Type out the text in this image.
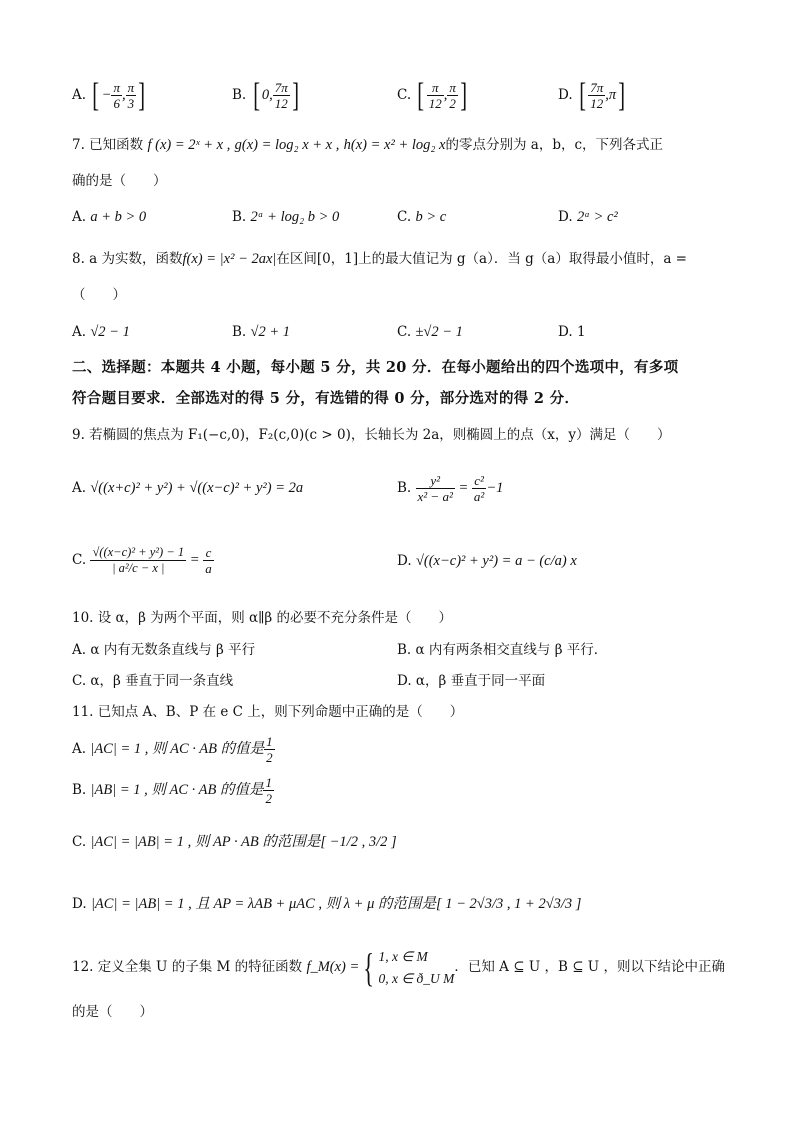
A. [ − $\frac{\pi}{6}$ , $\frac{\pi}{3}$ ]	B. [ 0, $\frac{7\pi}{12}$ ]	C. [ $\frac{\pi}{12}$ , $\frac{\pi}{2}$ ]	D. [ $\frac{7\pi}{12} ,\pi$]
7. 已知函数 f (x) = 2ˣ + x , g(x) = log₂ x + x , h(x) = x² + log₂ x的零点分别为 a，b，c，下列各式正
确的是（　　）
A. a + b > 0	B. 2ᵃ + log₂ b > 0	C. b > c	D. 2ᵃ > c²
8. a 为实数，函数f(x) = |x² − 2ax|在区间[0，1]上的最大值记为 g（a）．当 g（a）取得最小值时，a =
（　　）
A. √2 − 1	B. √2 + 1	C. ±√2 − 1	D. 1
二、选择题：本题共 4 小题，每小题 5 分，共 20 分．在每小题给出的四个选项中，有多项
符合题目要求．全部选对的得 5 分，有选错的得 0 分，部分选对的得 2 分．
9. 若椭圆的焦点为 F₁(−c,0)，F₂(c,0)(c > 0)，长轴长为 2a，则椭圆上的点（x，y）满足（　　）
A. √((x+c)² + y²) + √((x−c)² + y²) = 2a	B. $\frac{\text{y²}}{\text{x² − a²}} = \frac{\text{c²}}{\text{a²}} -1$
C. $\frac{\text{√((x−c)² + y²) − 1}}{\text{| a²/c − x |}} = \frac{c}{a}$	D. √((x−c)² + y²) = a − (c/a) x
10. 设 α，β 为两个平面，则 α∥β 的必要不充分条件是（　　）
A. α 内有无数条直线与 β 平行	B. α 内有两条相交直线与 β 平行．
C. α，β 垂直于同一条直线	D. α，β 垂直于同一平面
11. 已知点 A、B、P 在 e C 上，则下列命题中正确的是（　　）
A. |AC| = 1 , 则 AC · AB 的值是 $\frac{1}{2}$
B. |AB| = 1 , 则 AC · AB 的值是 $\frac{1}{2}$
C. |AC| = |AB| = 1 , 则 AP · AB 的范围是[ −1/2 , 3/2 ]
D. |AC| = |AB| = 1 , 且 AP = λAB + μAC , 则 λ + μ 的范围是[ 1 − 2√3/3 , 1 + 2√3/3 ]
12. 定义全集 U 的子集 M 的特征函数 f_M(x) = { 1, x ∈ M
0, x ∈ ð_U M
．已知 A ⊆ U ，B ⊆ U ，则以下结论中正确
的是（　　）
